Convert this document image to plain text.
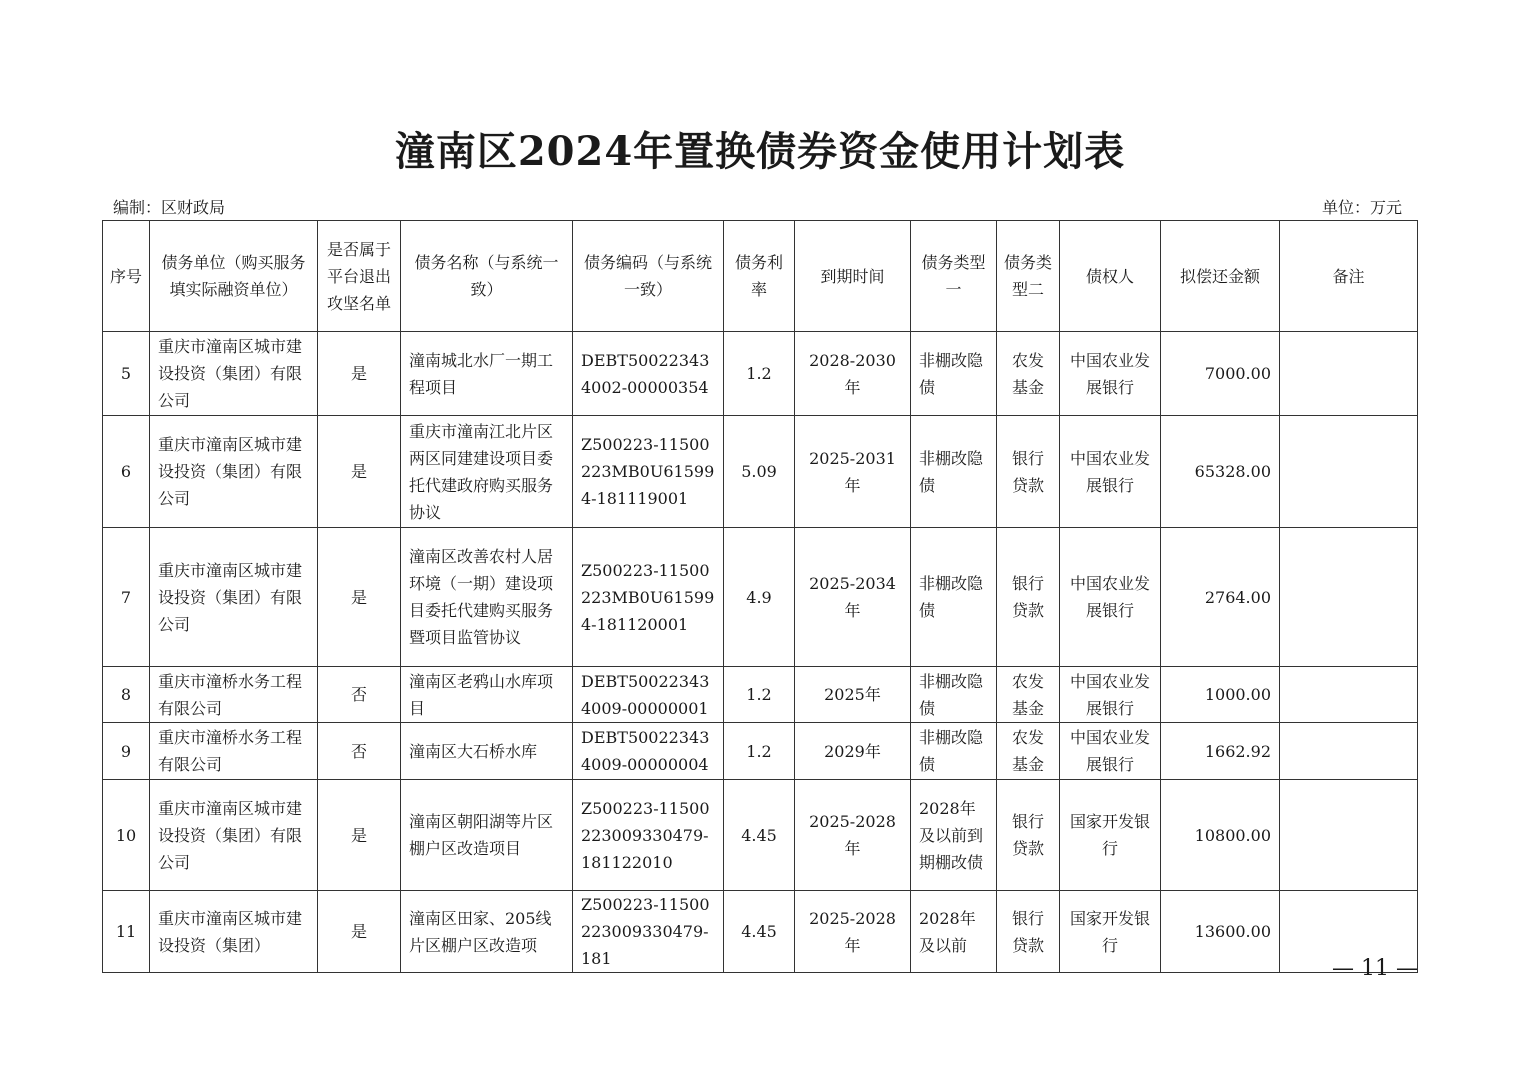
潼南区2024年置换债券资金使用计划表
编制：区财政局	单位：万元
序号	债务单位（购买服务填实际融资单位）	是否属于平台退出攻坚名单	债务名称（与系统一致）	债务编码（与系统一致）	债务利率	到期时间	债务类型一	债务类型二	债权人	拟偿还金额	备注
5	重庆市潼南区城市建设投资（集团）有限公司	是	潼南城北水厂一期工程项目	DEBT500223434002-00000354	1.2	2028-2030年	非棚改隐债	农发基金	中国农业发展银行	7000.00	
6	重庆市潼南区城市建设投资（集团）有限公司	是	重庆市潼南江北片区两区同建建设项目委托代建政府购买服务协议	Z500223-11500223MB0U615994-181119001	5.09	2025-2031年	非棚改隐债	银行贷款	中国农业发展银行	65328.00	
7	重庆市潼南区城市建设投资（集团）有限公司	是	潼南区改善农村人居环境（一期）建设项目委托代建购买服务暨项目监管协议	Z500223-11500223MB0U615994-181120001	4.9	2025-2034年	非棚改隐债	银行贷款	中国农业发展银行	2764.00	
8	重庆市潼桥水务工程有限公司	否	潼南区老鸦山水库项目	DEBT500223434009-00000001	1.2	2025年	非棚改隐债	农发基金	中国农业发展银行	1000.00	
9	重庆市潼桥水务工程有限公司	否	潼南区大石桥水库	DEBT500223434009-00000004	1.2	2029年	非棚改隐债	农发基金	中国农业发展银行	1662.92	
10	重庆市潼南区城市建设投资（集团）有限公司	是	潼南区朝阳湖等片区棚户区改造项目	Z500223-11500223009330479-181122010	4.45	2025-2028年	2028年及以前到期棚改债	银行贷款	国家开发银行	10800.00	
11	重庆市潼南区城市建设投资（集团）	是	潼南区田家、205线片区棚户区改造项	Z500223-11500223009330479-181	4.45	2025-2028年	2028年及以前	银行贷款	国家开发银行	13600.00	
— 11 —
